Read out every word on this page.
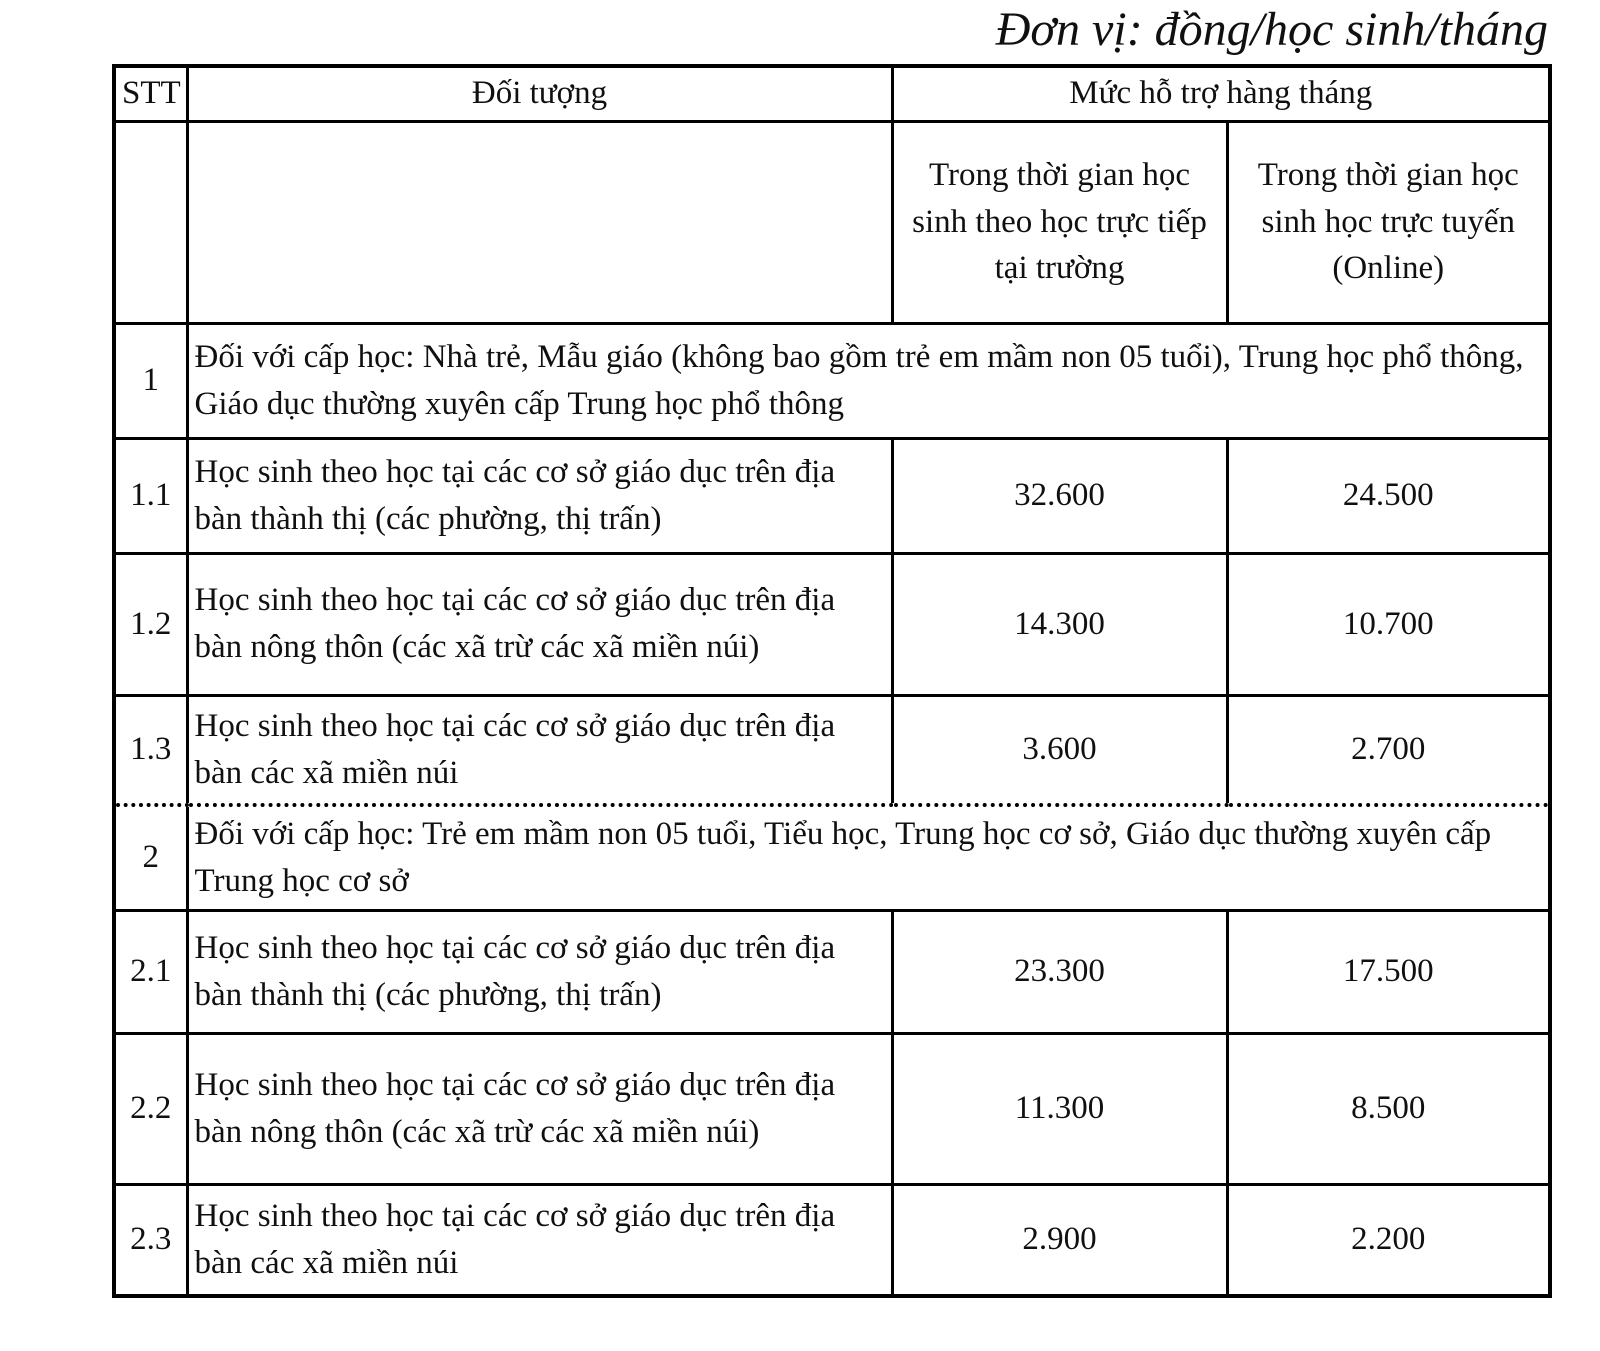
Đơn vị: đồng/học sinh/tháng
STT	Đối tượng	Mức hỗ trợ hàng tháng	
		Trong thời gian học sinh theo học trực tiếp tại trường	Trong thời gian học sinh học trực tuyến (Online)
1	Đối với cấp học: Nhà trẻ, Mẫu giáo (không bao gồm trẻ em mầm non 05 tuổi), Trung học phổ thông, Giáo dục thường xuyên cấp Trung học phổ thông		
1.1	Học sinh theo học tại các cơ sở giáo dục trên địa bàn thành thị (các phường, thị trấn)	32.600	24.500
1.2	Học sinh theo học tại các cơ sở giáo dục trên địa bàn nông thôn (các xã trừ các xã miền núi)	14.300	10.700
1.3	Học sinh theo học tại các cơ sở giáo dục trên địa bàn các xã miền núi	3.600	2.700
2	Đối với cấp học: Trẻ em mầm non 05 tuổi, Tiểu học, Trung học cơ sở, Giáo dục thường xuyên cấp Trung học cơ sở		
2.1	Học sinh theo học tại các cơ sở giáo dục trên địa bàn thành thị (các phường, thị trấn)	23.300	17.500
2.2	Học sinh theo học tại các cơ sở giáo dục trên địa bàn nông thôn (các xã trừ các xã miền núi)	11.300	8.500
2.3	Học sinh theo học tại các cơ sở giáo dục trên địa bàn các xã miền núi	2.900	2.200
